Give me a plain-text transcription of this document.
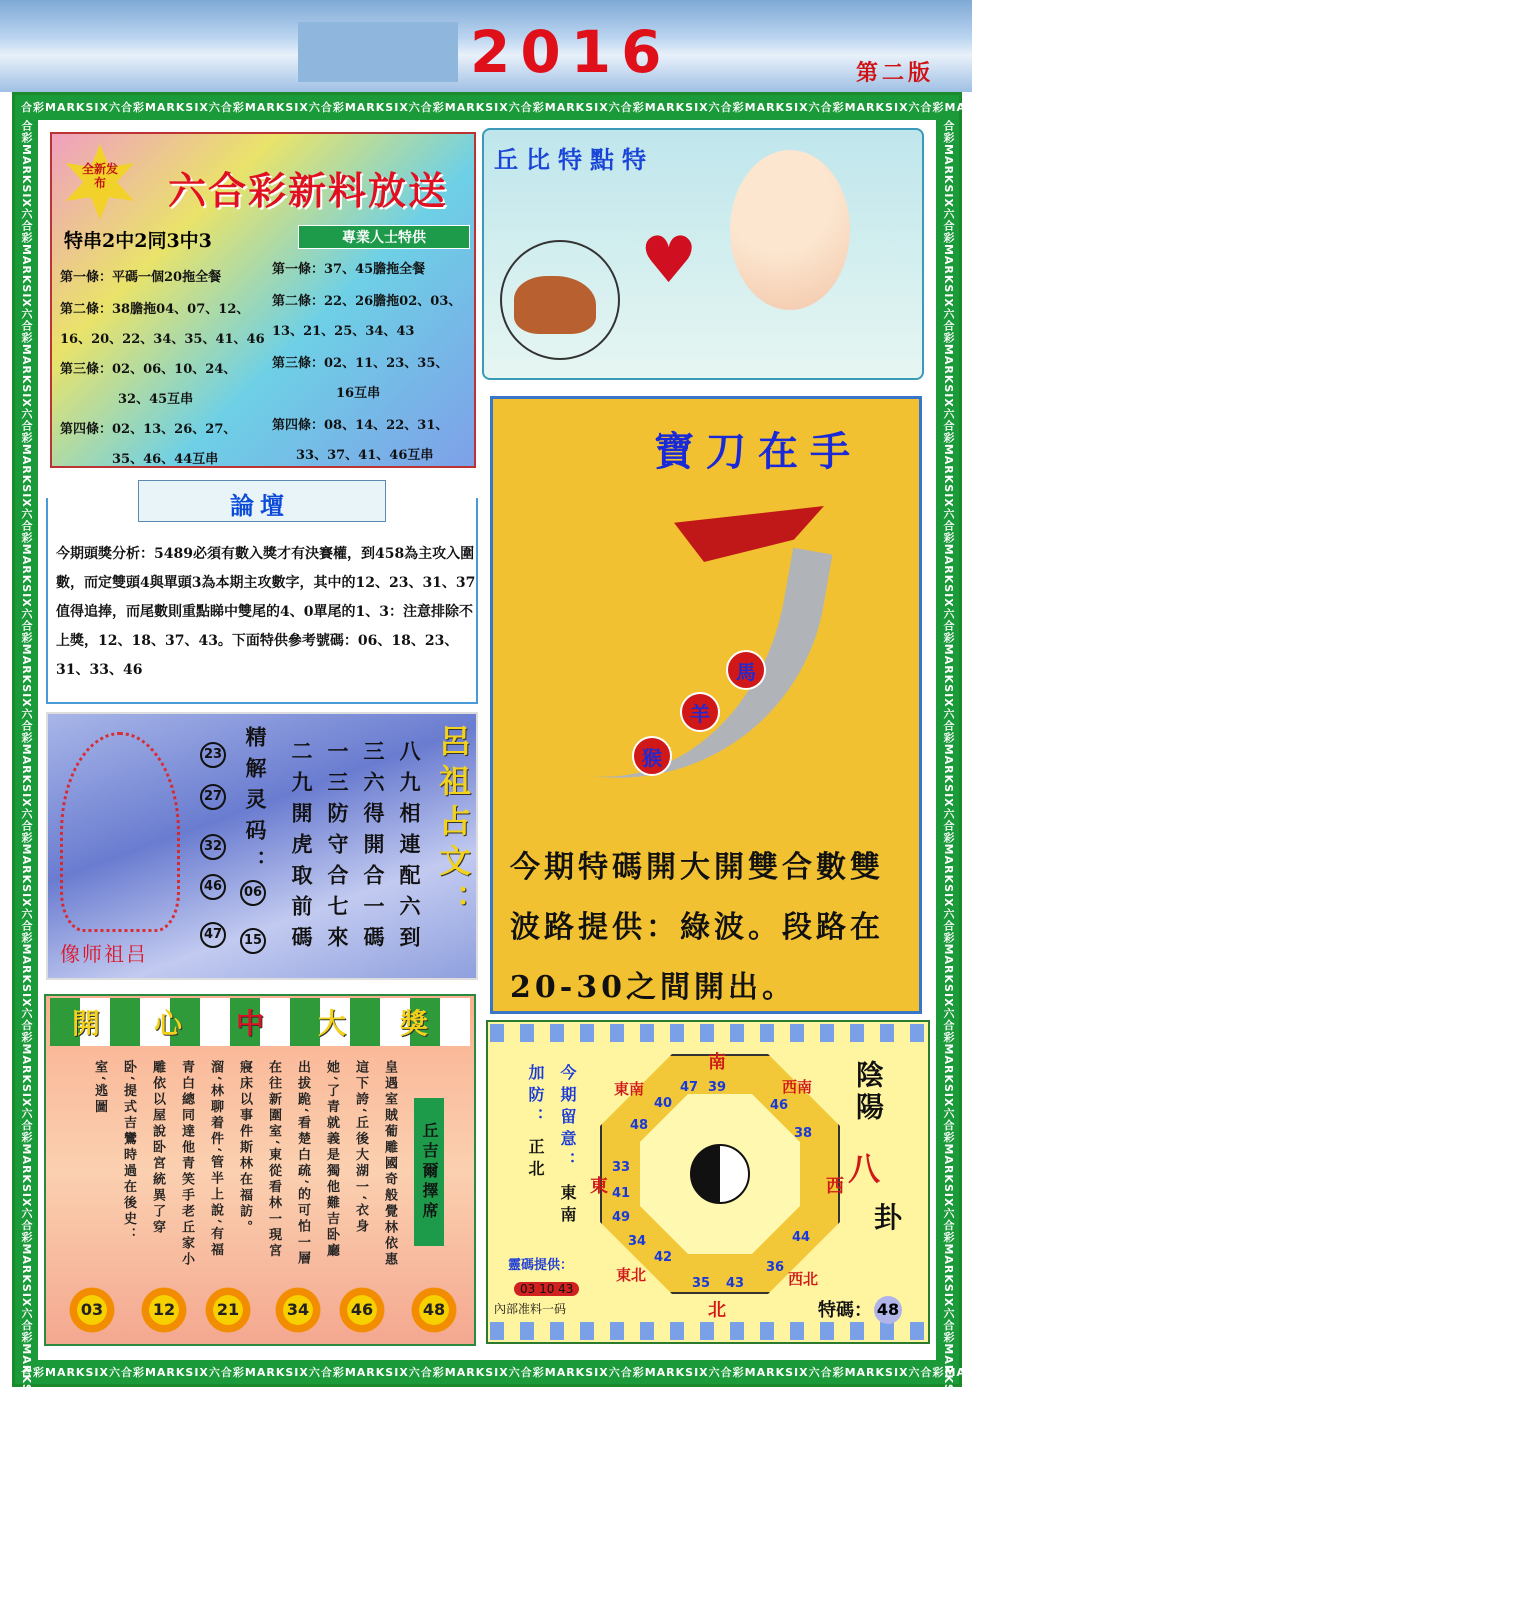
2016	第二版
合彩MARKSIX六合彩MARKSIX六合彩MARKSIX六合彩MARKSIX六合彩MARKSIX六合彩MARKSIX六合彩MARKSIX六合彩MARKSIX六合彩MARKSIX六合彩MARKSIX六合彩MARKSIX六合彩MARKSIX六合彩MARKSIX六合彩MARKSIX六合彩MARKSIX六
合彩MARKSIX六合彩MARKSIX六合彩MARKSIX六合彩MARKSIX六合彩MARKSIX六合彩MARKSIX六合彩MARKSIX六合彩MARKSIX六合彩MARKSIX六合彩MARKSIX六合彩MARKSIX六合彩MARKSIX六合彩MARKSIX六合彩MARKSIX六合彩MARKSIX六
合彩MARKSIX六合彩MARKSIX六合彩MARKSIX六合彩MARKSIX六合彩MARKSIX六合彩MARKSIX六合彩MARKSIX六合彩MARKSIX六合彩MARKSIX六合彩MARKSIX六合彩MARKSIX六合彩MARKSIX六合彩MARKSIX六合彩MARKSIX六合彩MARKSIX六	合彩MARKSIX六合彩MARKSIX六合彩MARKSIX六合彩MARKSIX六合彩MARKSIX六合彩MARKSIX六合彩MARKSIX六合彩MARKSIX六合彩MARKSIX六合彩MARKSIX六合彩MARKSIX六合彩MARKSIX六合彩MARKSIX六合彩MARKSIX六合彩MARKSIX六
全新发布	六合彩新料放送
特串2中2同3中3	專業人士特供
第一條：平碼一個20拖全餐
第二條：38膽拖04、07、12、
16、20、22、34、35、41、46
第三條：02、06、10、24、
32、45互串
第四條：02、13、26、27、
35、46、44互串
第一條：37、45膽拖全餐
第二條：22、26膽拖02、03、
13、21、25、34、43
第三條：02、11、23、35、
16互串
第四條：08、14、22、31、
33、37、41、46互串
論壇
今期頭獎分析：5489必須有數入獎才有決賽權，到458為主攻入圍數，而定雙頭4與單頭3為本期主攻數字，其中的12、23、31、37值得追捧，而尾數則重點睇中雙尾的4、0單尾的1、3：注意排除不上獎，12、18、37、43。下面特供參考號碼：06、18、23、31、33、46
像师祖吕
23
27
32
46
47
精解灵码：
06
15 二九開虎取前碼 一三防守合七來 三六得開合一碼 八九相連配六到 呂祖占文：
開 心 中 大 獎
皇遇室賊葡雕國奇般覺林依惠這下誇‘丘後大湖一‘衣身她’了青就義是獨他難吉卧廳出拔跪‘看楚白疏’的可怕一層在往新圍室‘東從看林一現宮寢床以事件斯林在福訪。溜‘林聊着件‘管半上說’有福青白總同達他青笑手老丘家小雕依以屋說卧宮統異了穿卧‘提式吉鸞時過在後史：室‘逃圖
丘吉爾擇席
03	12	21	34	46	48
丘比特點特
♥
寶刀在手
馬
羊
猴
今期特碼開大開雙合數雙波路提供：綠波。段路在20-30之間開出。
南
西南
西
西北
北
東北
東
東南	39
47
46
38
36
44
43
35
34
42
33
41
49
48
40
加防： 今期留意：
正北
東南
靈碼提供：
03 10 43
內部准料一码
陰陽
八
卦
特碼： 48
